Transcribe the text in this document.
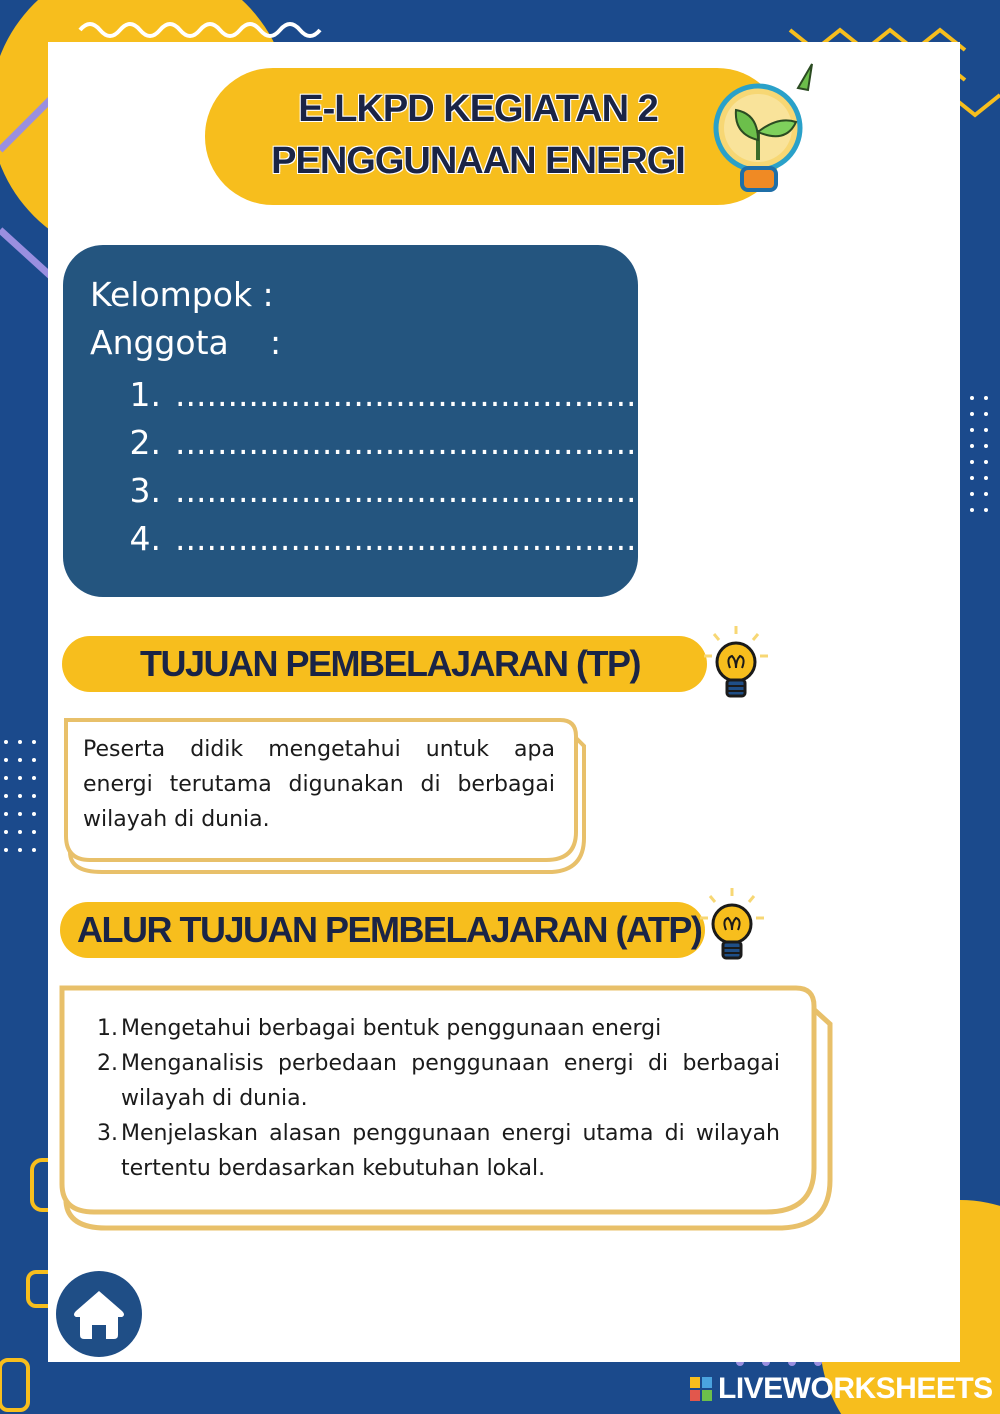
E-LKPD KEGIATAN 2
PENGGUNAAN ENERGI
Kelompok :
Anggota :
1. ......................................................
2. ......................................................
3. ......................................................
4. ......................................................
TUJUAN PEMBELAJARAN (TP)
Peserta didik mengetahui untuk apa energi terutama digunakan di berbagai wilayah di dunia.
ALUR TUJUAN PEMBELAJARAN (ATP)
1. Mengetahui berbagai bentuk penggunaan energi
2. Menganalisis perbedaan penggunaan energi di berbagai wilayah di dunia.
3. Menjelaskan alasan penggunaan energi utama di wilayah tertentu berdasarkan kebutuhan lokal.
LIVEWORKSHEETS
